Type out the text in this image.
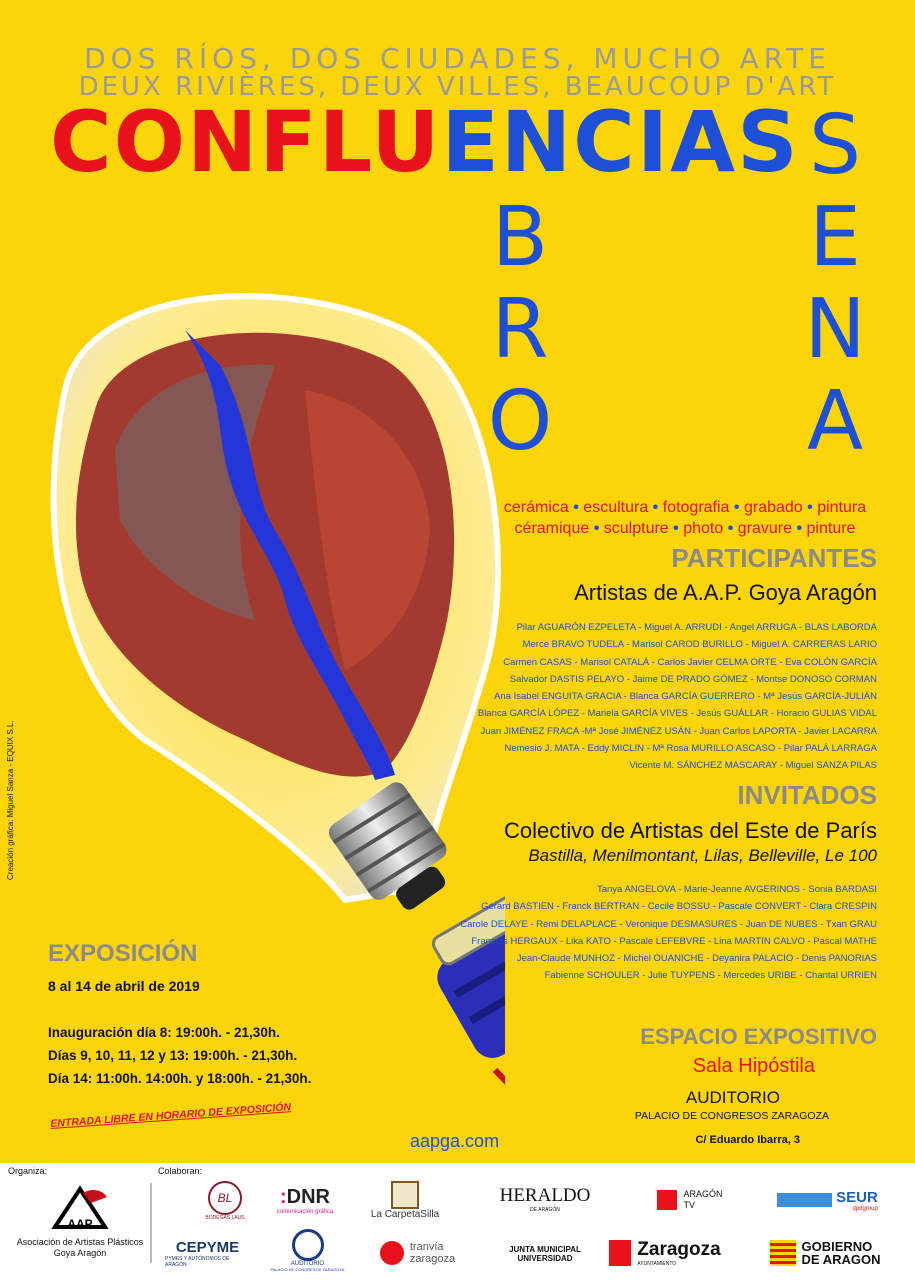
DOS RÍOS, DOS CIUDADES, MUCHO ARTE
DEUX RIVIÈRES, DEUX VILLES, BEAUCOUP D'ART
CONFLUENCIAS
B
R
O
S
E
N
A
cerámica • escultura • fotografia • grabado • pintura
céramique • sculpture • photo • gravure • pinture
PARTICIPANTES
Artistas de A.A.P. Goya Aragón
Pilar AGUARÓN EZPELETA - Miguel A. ARRUDI - Angel ARRUGA - BLAS LABORDA
Merce BRAVO TUDELA - Marisol CAROD BURILLO - Miguel A. CARRERAS LARIO
Carmen CASAS - Marisol CATALÁ - Carlos Javier CELMA ORTE - Eva COLÓN GARCÍA
Salvador DASTIS PELAYO - Jaime DE PRADO GÓMEZ - Montse DONOSO CORMAN
Ana Isabel ENGUITA GRACIA - Blanca GARCÍA GUERRERO - Mª Jesús GARCÍA-JULIÁN
Blanca GARCÍA LÓPEZ - Mariela GARCÍA VIVES - Jesús GUÁLLAR - Horacio GULIAS VIDAL
Juan JIMÉNEZ FRACA -Mª José JIMÉNEZ USÁN - Juan Carlos LAPORTA - Javier LACARRA
Nemesio J. MATA - Eddy MICLIN - Mª Rosa MURILLO ASCASO - Pilar PALÁ LARRAGA
Vicente M. SÁNCHEZ MASCARAY - Miguel SANZA PILAS
INVITADOS
Colectivo de Artistas del Este de París
Bastilla, Menilmontant, Lilas, Belleville, Le 100
Tanya ANGELOVA - Marie-Jeanne AVGERINOS - Sonia BARDASI
Gérard BASTIEN - Franck BERTRAN - Cecile BOSSU - Pascale CONVERT - Clara CRESPIN
Carole DELAYE - Remi DELAPLACE - Veronique DESMASURES - Juan DE NUBES - Txan GRAU
François HERGAUX - Lika KATO - Pascale LEFEBVRE - Lina MARTIN CALVO - Pascal MATHE
Jean-Claude MUNHOZ - Michel OUANICHE - Deyanira PALACIO - Denis PANORIAS
Fabienne SCHOULER - Julie TUYPENS - Mercedes URIBE - Chantal URRIEN
EXPOSICIÓN
8 al 14 de abril de 2019
Inauguración día 8: 19:00h. - 21,30h.
Días 9, 10, 11, 12 y 13: 19:00h. - 21,30h.
Día 14: 11:00h. 14:00h. y 18:00h. - 21,30h.
ENTRADA LIBRE EN HORARIO DE EXPOSICIÓN
ESPACIO EXPOSITIVO
Sala Hipóstila
AUDITORIO
PALACIO DE CONGRESOS ZARAGOZA
C/ Eduardo Ibarra, 3
aapga.com
Creación gráfica: Miguel Sanza - EQUIX S.L.
Organiza:	Colaboran:
AAP
Asociación de Artistas Plásticos
Goya Aragón
BL
BODEGAS LAUS
:DNR
comunicación gráfica	La CarpetaSilla
HERALDO
DE ARAGÓN
ARAGÓN
TV	SEUR
dpdgroup
CEPYME
PYMES Y AUTÓNOMOS DE ARAGÓN	AUDITORIO
PALACIO DE CONGRESOS ZARAGOZA
tranvía
zaragoza
JUNTA MUNICIPAL
UNIVERSIDAD	Zaragoza
AYUNTAMIENTO
GOBIERNO
DE ARAGON
